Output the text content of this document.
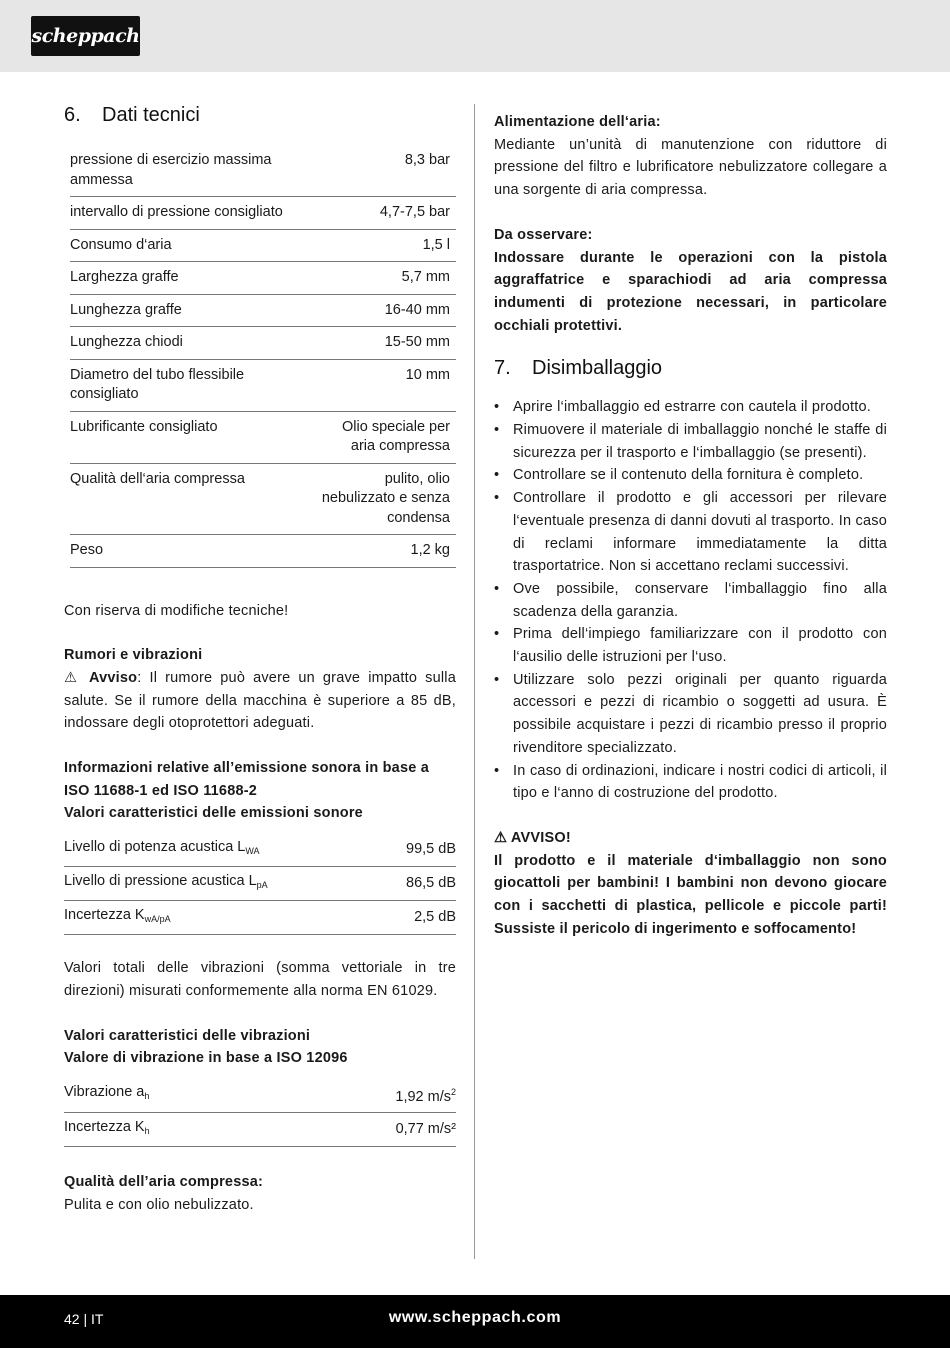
scheppach
6.	Dati tecnici
pressione di esercizio massima ammessa	8,3 bar
intervallo di pressione consigliato	4,7-7,5 bar
Consumo d‘aria	1,5 l
Larghezza graffe	5,7 mm
Lunghezza graffe	16-40 mm
Lunghezza chiodi	15-50 mm
Diametro del tubo flessibile consigliato	10 mm
Lubrificante consigliato	Olio speciale per aria compressa
Qualità dell‘aria compressa	pulito, olio nebulizzato e senza condensa
Peso	1,2 kg

Con riserva di modifiche tecniche!

Rumori e vibrazioni

⚠ Avviso: Il rumore può avere un grave impatto sulla salute. Se il rumore della macchina è superiore a 85 dB, indossare degli otoprotettori adeguati.

Informazioni relative all’emissione sonora in base a ISO 11688-1 ed ISO 11688-2

Valori caratteristici delle emissioni sonore

Livello di potenza acustica $L_{WA}$	99,5 dB
Livello di pressione acustica $L_{pA}$	86,5 dB
Incertezza $K_{wA/pA}$	2,5 dB

Valori totali delle vibrazioni (somma vettoriale in tre direzioni) misurati conformemente alla norma EN 61029.

Valori caratteristici delle vibrazioni

Valore di vibrazione in base a ISO 12096

Vibrazione $a_h$	1,92 $m/s^2$
Incertezza $K_h$	0,77 m/s²

Qualità dell’aria compressa:

Pulita e con olio nebulizzato.

Alimentazione dell‘aria:

Mediante un’unità di manutenzione con riduttore di pressione del filtro e lubrificatore nebulizzatore collegare a una sorgente di aria compressa.

Da osservare:

Indossare durante le operazioni con la pistola aggraffatrice e sparachiodi ad aria compressa indumenti di protezione necessari, in particolare occhiali protettivi.

7.	Disimballaggio
• Aprire l‘imballaggio ed estrarre con cautela il prodotto.
• Rimuovere il materiale di imballaggio nonché le staffe di sicurezza per il trasporto e l‘imballaggio (se presenti).
• Controllare se il contenuto della fornitura è completo.
• Controllare il prodotto e gli accessori per rilevare l‘eventuale presenza di danni dovuti al trasporto. In caso di reclami informare immediatamente la ditta trasportatrice. Non si accettano reclami successivi.
• Ove possibile, conservare l‘imballaggio fino alla scadenza della garanzia.
• Prima dell‘impiego familiarizzare con il prodotto con l‘ausilio delle istruzioni per l‘uso.
• Utilizzare solo pezzi originali per quanto riguarda accessori e pezzi di ricambio o soggetti ad usura. È possibile acquistare i pezzi di ricambio presso il proprio rivenditore specializzato.
• In caso di ordinazioni, indicare i nostri codici di articoli, il tipo e l‘anno di costruzione del prodotto.

⚠ AVVISO!

Il prodotto e il materiale d‘imballaggio non sono giocattoli per bambini! I bambini non devono giocare con i sacchetti di plastica, pellicole e piccole parti! Sussiste il pericolo di ingerimento e soffocamento!

42 | IT	www.scheppach.com
